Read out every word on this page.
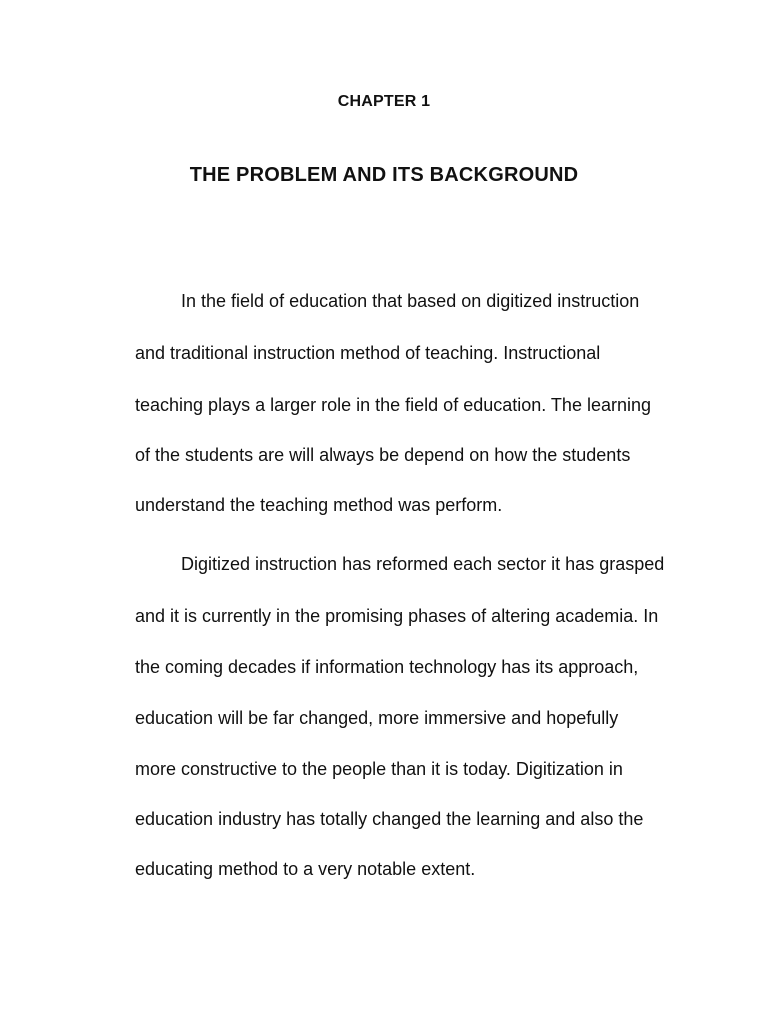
CHAPTER 1
THE PROBLEM AND ITS BACKGROUND
In the field of education that based on digitized instruction
and traditional instruction method of teaching. Instructional
teaching plays a larger role in the field of education. The learning
of the students are will always be depend on how the students
understand the teaching method was perform.
Digitized instruction has reformed each sector it has grasped
and it is currently in the promising phases of altering academia. In
the coming decades if information technology has its approach,
education will be far changed, more immersive and hopefully
more constructive to the people than it is today. Digitization in
education industry has totally changed the learning and also the
educating method to a very notable extent.
